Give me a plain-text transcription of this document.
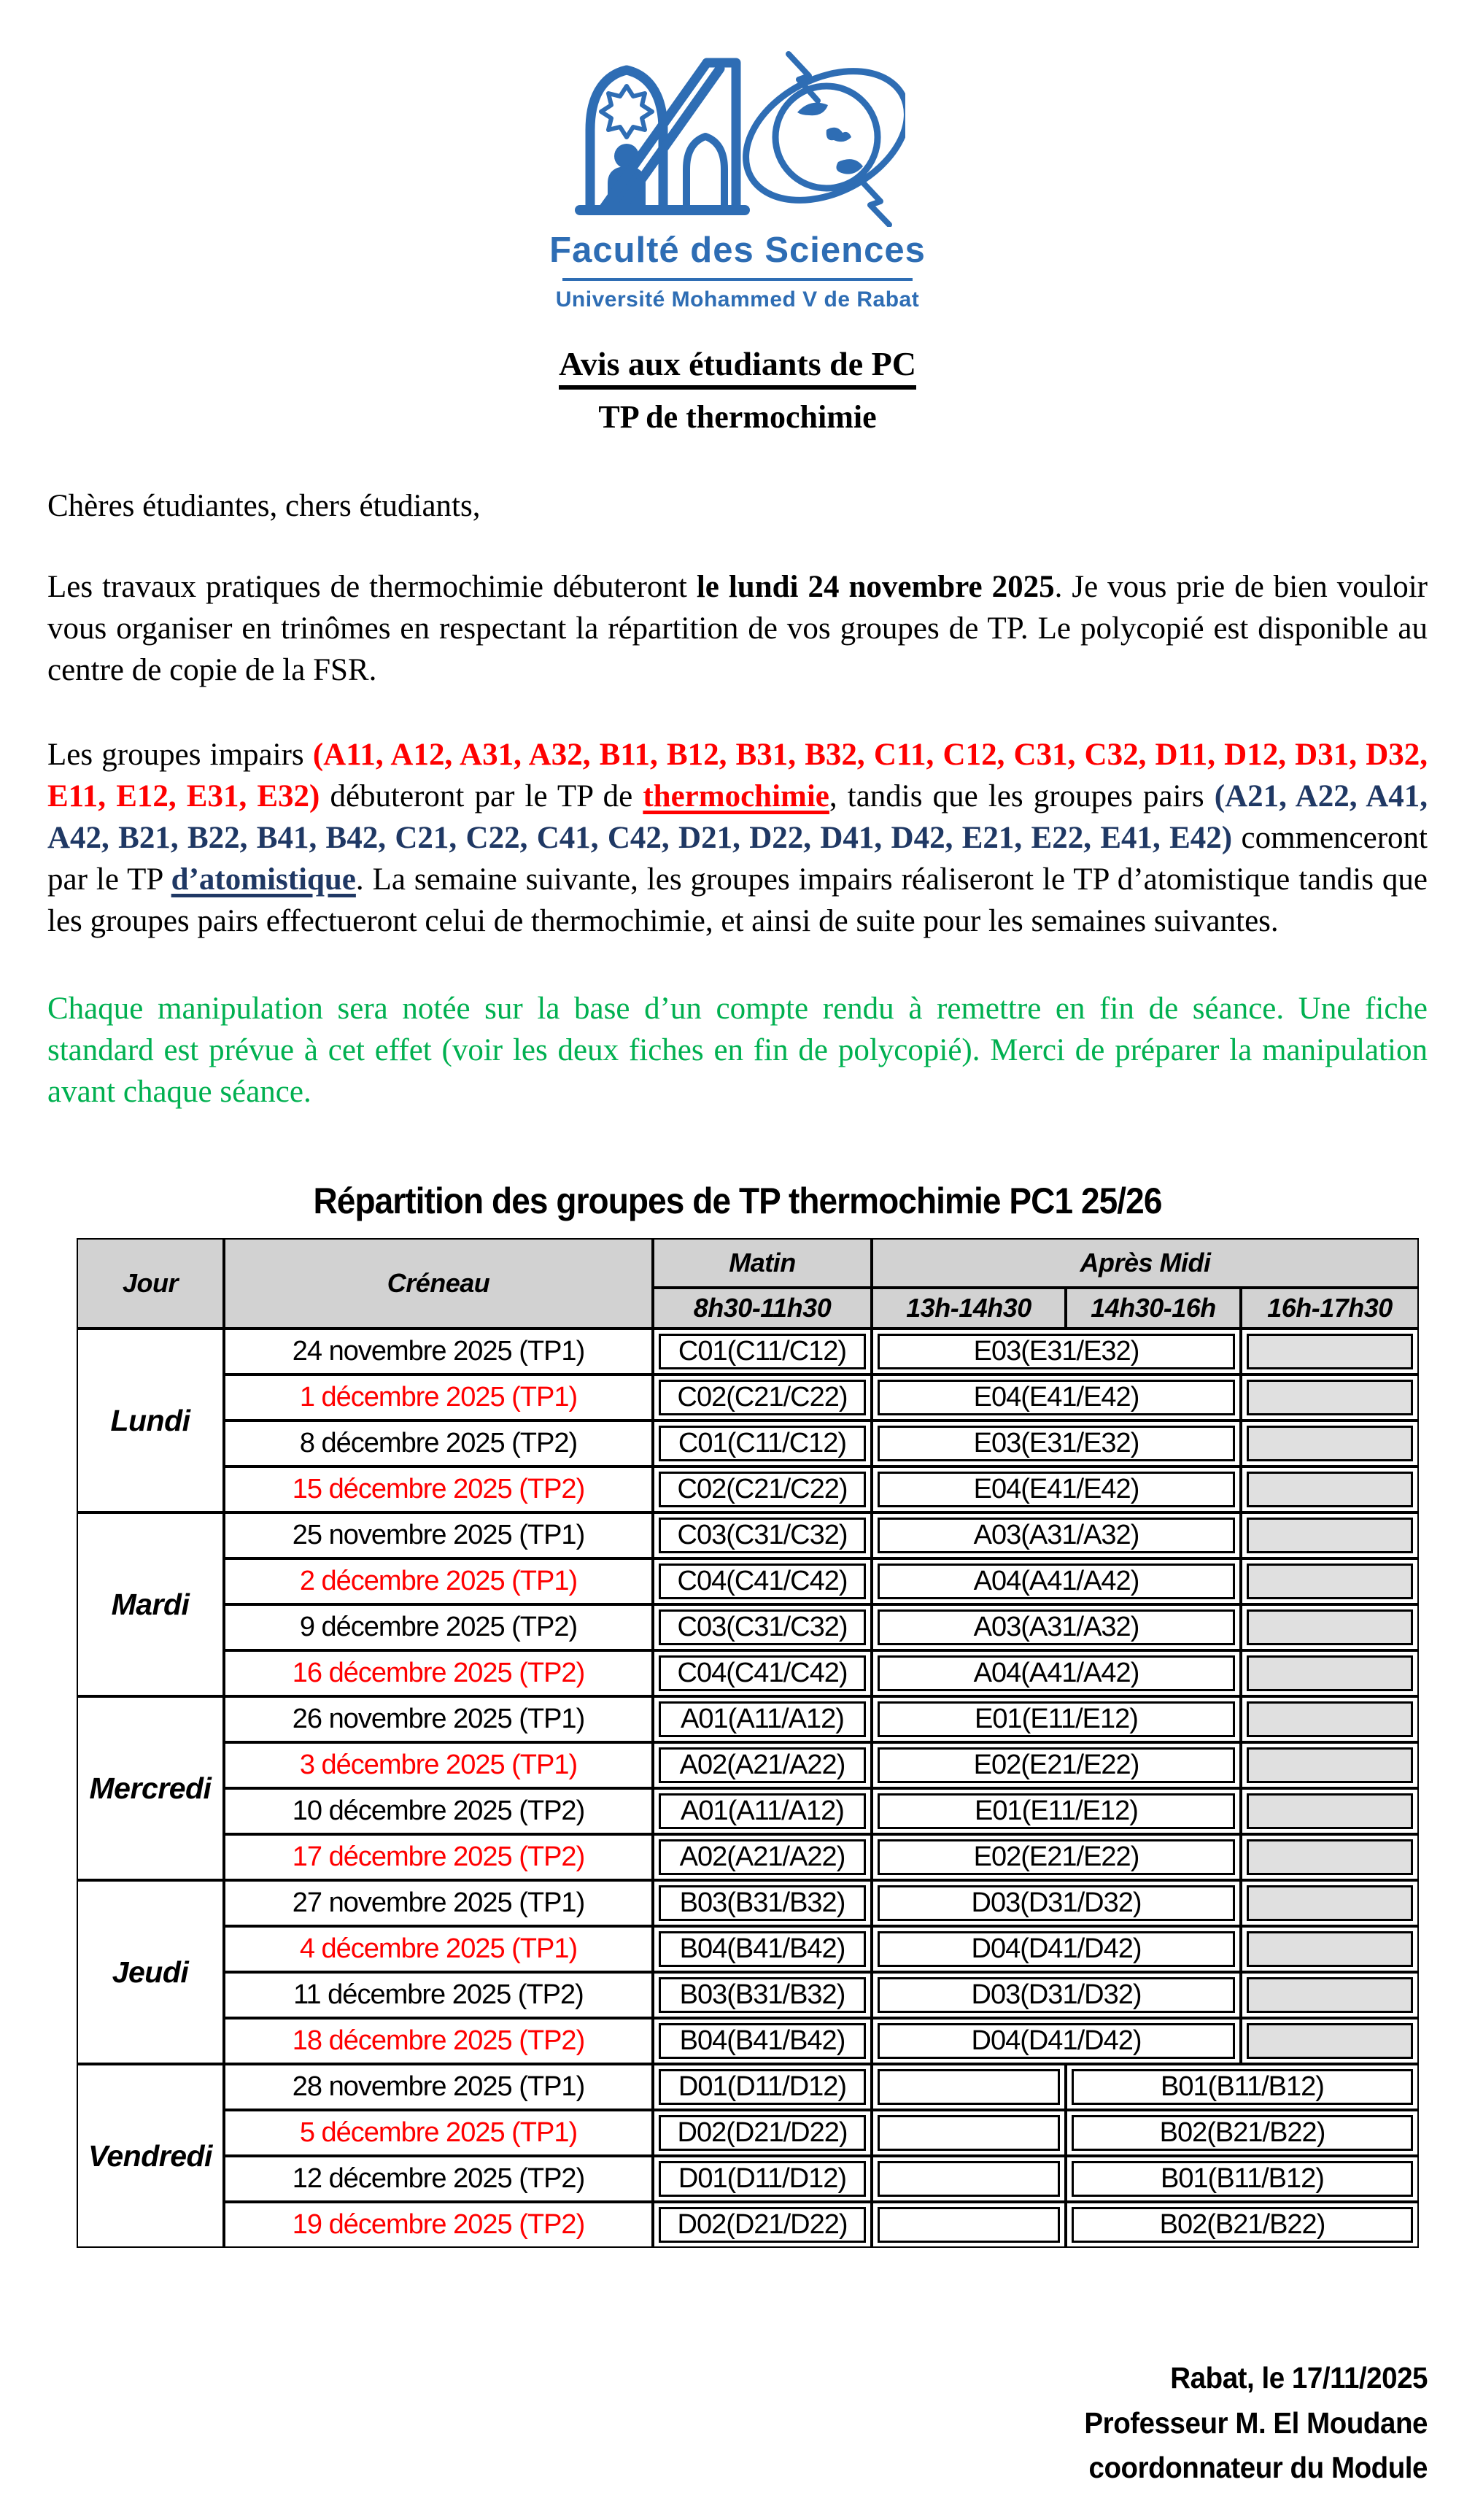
Faculté des Sciences
Université Mohammed V de Rabat
Avis aux étudiants de PC
TP de thermochimie

Chères étudiantes, chers étudiants,

Les travaux pratiques de thermochimie débuteront le lundi 24 novembre 2025. Je vous prie de bien vouloir vous organiser en trinômes en respectant la répartition de vos groupes de TP. Le polycopié est disponible au centre de copie de la FSR.

Les groupes impairs (A11, A12, A31, A32, B11, B12, B31, B32, C11, C12, C31, C32, D11, D12, D31, D32, E11, E12, E31, E32) débuteront par le TP de thermochimie, tandis que les groupes pairs (A21, A22, A41, A42, B21, B22, B41, B42, C21, C22, C41, C42, D21, D22, D41, D42, E21, E22, E41, E42) commenceront par le TP d’atomistique. La semaine suivante, les groupes impairs réaliseront le TP d’atomistique tandis que les groupes pairs effectueront celui de thermochimie, et ainsi de suite pour les semaines suivantes.

Chaque manipulation sera notée sur la base d’un compte rendu à remettre en fin de séance. Une fiche standard est prévue à cet effet (voir les deux fiches en fin de polycopié). Merci de préparer la manipulation avant chaque séance.

Répartition des groupes de TP thermochimie PC1 25/26
Jour	Créneau	Matin	Après Midi		
		8h30-11h30	13h-14h30	14h30-16h	16h-17h30
Lundi	24 novembre 2025 (TP1)	C01(C11/C12)	E03(E31/E32)		

	1 décembre 2025 (TP1)	C02(C21/C22)	E04(E41/E42)		

	8 décembre 2025 (TP2)	C01(C11/C12)	E03(E31/E32)		

	15 décembre 2025 (TP2)	C02(C21/C22)	E04(E41/E42)		

Mardi	25 novembre 2025 (TP1)	C03(C31/C32)	A03(A31/A32)		

	2 décembre 2025 (TP1)	C04(C41/C42)	A04(A41/A42)		

	9 décembre 2025 (TP2)	C03(C31/C32)	A03(A31/A32)		

	16 décembre 2025 (TP2)	C04(C41/C42)	A04(A41/A42)		

Mercredi	26 novembre 2025 (TP1)	A01(A11/A12)	E01(E11/E12)		

	3 décembre 2025 (TP1)	A02(A21/A22)	E02(E21/E22)		

	10 décembre 2025 (TP2)	A01(A11/A12)	E01(E11/E12)		

	17 décembre 2025 (TP2)	A02(A21/A22)	E02(E21/E22)		

Jeudi	27 novembre 2025 (TP1)	B03(B31/B32)	D03(D31/D32)		

	4 décembre 2025 (TP1)	B04(B41/B42)	D04(D41/D42)		

	11 décembre 2025 (TP2)	B03(B31/B32)	D03(D31/D32)		

	18 décembre 2025 (TP2)	B04(B41/B42)	D04(D41/D42)		

Vendredi	28 novembre 2025 (TP1)	D01(D11/D12)		B01(B11/B12)	

	5 décembre 2025 (TP1)	D02(D21/D22)		B02(B21/B22)	

	12 décembre 2025 (TP2)	D01(D11/D12)		B01(B11/B12)	

	19 décembre 2025 (TP2)	D02(D21/D22)		B02(B21/B22)	
Rabat, le 17/11/2025
Professeur M. El Moudane
coordonnateur du Module
